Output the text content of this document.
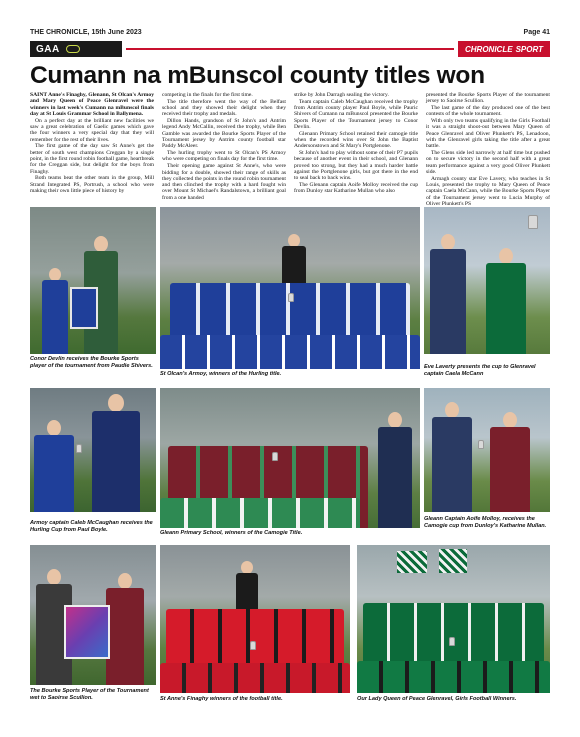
THE CHRONICLE, 15th June 2023	Page 41
GAA	CHRONICLE SPORT
Cumann na mBunscol county titles won

SAINT Anne's Finaghy, Glenann, St Olcan's Armoy and Mary Queen of Peace Glenravel were the winners in last week's Cumann na mBunscol finals day at St Louis Grammar School in Ballymena.

On a perfect day at the brilliant new facilities we saw a great celebration of Gaelic games which gave the four winners a very special day that they will remember for the rest of their lives.

The first game of the day saw St Anne's get the better of south west champions Creggan by a single point, in the first round robin football game, heartbreak for the Creggan side, but delight for the boys from Finaghy.

Both teams beat the other team in the group, Mill Strand Integrated PS, Portrush, a school who were making their own little piece of history by

competing in the finals for the first time.

The title therefore went the way of the Belfast school and they showed their delight when they received their trophy and medals.

Dillon Hands, grandson of St John's and Antrim legend Andy McCallin, received the trophy, while Ben Gamble was awarded the Bourke Sports Player of the Tournament jersey by Antrim county football star Paddy McAleer.

The hurling trophy went to St Olcan's PS Armoy who were competing on finals day for the first time.

Their opening game against St Anne's, who were bidding for a double, showed their range of skills as they collected the points in the round robin tournament and then clinched the trophy with a hard fought win over Mount St Michael's Randalstown, a brilliant goal from a one handed

strike by John Darragh sealing the victory.

Team captain Caleb McCaughan received the trophy from Antrim county player Paul Boyle, while Pauric Shivers of Cumann na mBunscol presented the Bourke Sports Player of the Tournament jersey to Conor Devlin.

Glenann Primary School retained their camogie title when the recorded wins over St John the Baptist Andersonstown and St Mary's Portglenone.

St John's had to play without some of their P7 pupils because of another event in their school, and Glenann proved too strong, but they had a much harder battle against the Portglenone girls, but got there in the end to seal back to back wins.

The Glenann captain Aoife Molloy received the cup from Dunloy star Katharine Mullan who also

presented the Bourke Sports Player of the tournament jersey to Saoirse Scullion.

The last game of the day produced one of the best contests of the whole tournament.

With only two teams qualifying in the Girls Football it was a straight shoot-out between Mary Queen of Peace Glenravel and Oliver Plunkett's PS, Lenadoon, with the Glenravel girls taking the title after a great battle.

The Glens side led narrowly at half time but pushed on to secure victory in the second half with a great team performance against a very good Oliver Plunkett side.

Armagh county star Eve Lavery, who teaches in St Louis, presented the trophy to Mary Queen of Peace captain Caela McCann, while the Bourke Sports Player of the Tournament jersey went to Lucia Murphy of Oliver Plunkett's PS

Conor Devlin receives the Bourke Sports player of the tournament from Paudie Shivers.
St Olcan's Armoy, winners of the Hurling title.
Eve Laverty presents the cup to Glenravel captain Caela McCann
Armoy captain Caleb McCaughan receives the Hurling Cup from Paul Boyle.
Gleann Primary School, winners of the Camogie Title.
Gleann Captain Aoife Molloy, receives the Camogie cup from Dunloy's Katharine Mullan.
The Bourke Sports Player of the Tournament wet to Saoirse Scullion.	St Anne's Finaghy winners of the football title.	Our Lady Queen of Peace Glenravel, Girls Football Winners.
